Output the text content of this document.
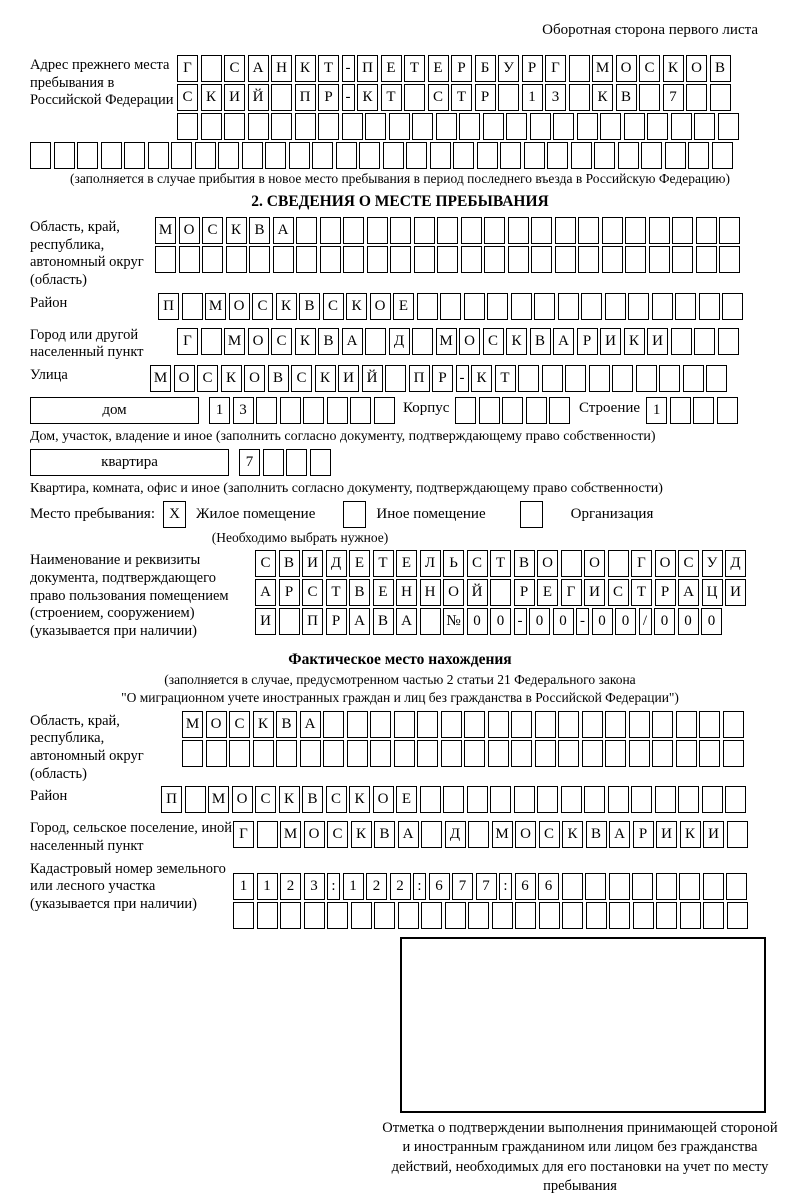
Оборотная сторона первого листа
Адрес прежнего места пребывания в Российской Федерации
Г	С А Н К Т - П Е Т Е Р	Б У Р Г	М О С К О В
С К И Й	П Р - К Т	С Т Р	1	3	К В	7
(заполняется в случае прибытия в новое место пребывания в период последнего въезда в Российскую Федерацию)
2. СВЕДЕНИЯ О МЕСТЕ ПРЕБЫВАНИЯ
Область, край, республика, автономный округ (область)
М О С К В А
Район	П	М О С К В С К О Е
Город или другой населенный пункт
Г	М О С К В А	Д	М О С К В А Р И К И
Улица	М О С К О В С К И Й	П Р - К Т
дом	1	3	Корпус	Строение 1
Дом, участок, владение и иное (заполнить согласно документу, подтверждающему право собственности)
квартира	7
Квартира, комната, офис и иное (заполнить согласно документу, подтверждающему право собственности)
Место пребывания: X	Жилое помещение	Иное помещение	Организация
(Необходимо выбрать нужное)
Наименование и реквизиты документа, подтверждающего право пользования помещением (строением, сооружением) (указывается при наличии)
С В И Д Е Т Е Л Ь С Т В О	О	Г О С У Д
А Р С Т В Е Н Н О Й	Р Е Г И С Т Р А Ц И
И	П Р А В А	№ 0	0 - 0	0 - 0	0 / 0	0	0
Фактическое место нахождения
(заполняется в случае, предусмотренном частью 2 статьи 21 Федерального закона
"О миграционном учете иностранных граждан и лиц без гражданства в Российской Федерации")
Область, край, республика, автономный округ (область)
М О С К В А
Район	П	М О С К В С К О Е
Город, сельское поселение, иной населенный пункт
Г	М О С К В А	Д	М О С К В А Р И К И
Кадастровый номер земельного или лесного участка (указывается при наличии)
1	1	2	3 : 1	2	2 : 6	7	7 : 6	6
Отметка о подтверждении выполнения принимающей стороной и иностранным гражданином или лицом без гражданства действий, необходимых для его постановки на учет по месту пребывания
